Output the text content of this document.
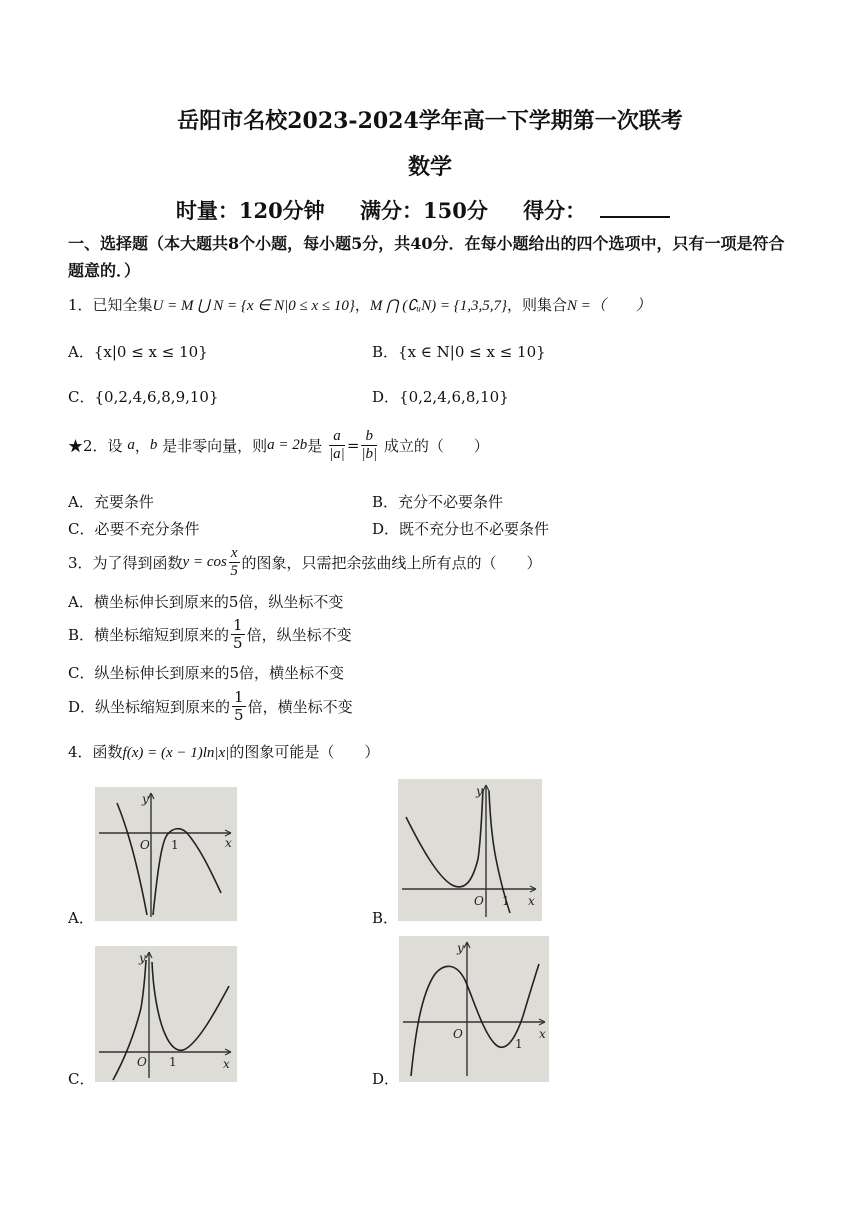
岳阳市名校2023-2024学年高一下学期第一次联考
数学
时量：120分钟 满分：150分 得分：
一、选择题（本大题共8个小题，每小题5分，共40分．在每小题给出的四个选项中，只有一项是符合题意的．）
1．已知全集U = M ⋃ N = {x ∈ N|0 ≤ x ≤ 10}，M ⋂ (∁ᵤN) = {1,3,5,7}，则集合N =（　　）
A．{x|0 ≤ x ≤ 10}	B．{x ∈ N|0 ≤ x ≤ 10}
C．{0,2,4,6,8,9,10}	D．{0,2,4,6,8,10}
★2．设 a，b 是非零向量，则a = 2b是 $\frac{a}{|a|} = \frac{b}{|b|}$ 成立的（　　）
A．充要条件	B．充分不必要条件
C．必要不充分条件	D．既不充分也不必要条件
3．为了得到函数$y = \cos \frac{x}{5}$ 的图象，只需把余弦曲线上所有点的（　　）
A．横坐标伸长到原来的5倍，纵坐标不变
B．横坐标缩短到原来的 $\frac{1}{5}$ 倍，纵坐标不变
C．纵坐标伸长到原来的5倍，横坐标不变
D．纵坐标缩短到原来的 $\frac{1}{5}$ 倍，横坐标不变
4．函数f(x) = (x − 1)ln|x|的图象可能是（　　）
O 1	x
y
A．
O 1 x
y
B．
O 1	x
y
C．
O
1
x
y
D．
